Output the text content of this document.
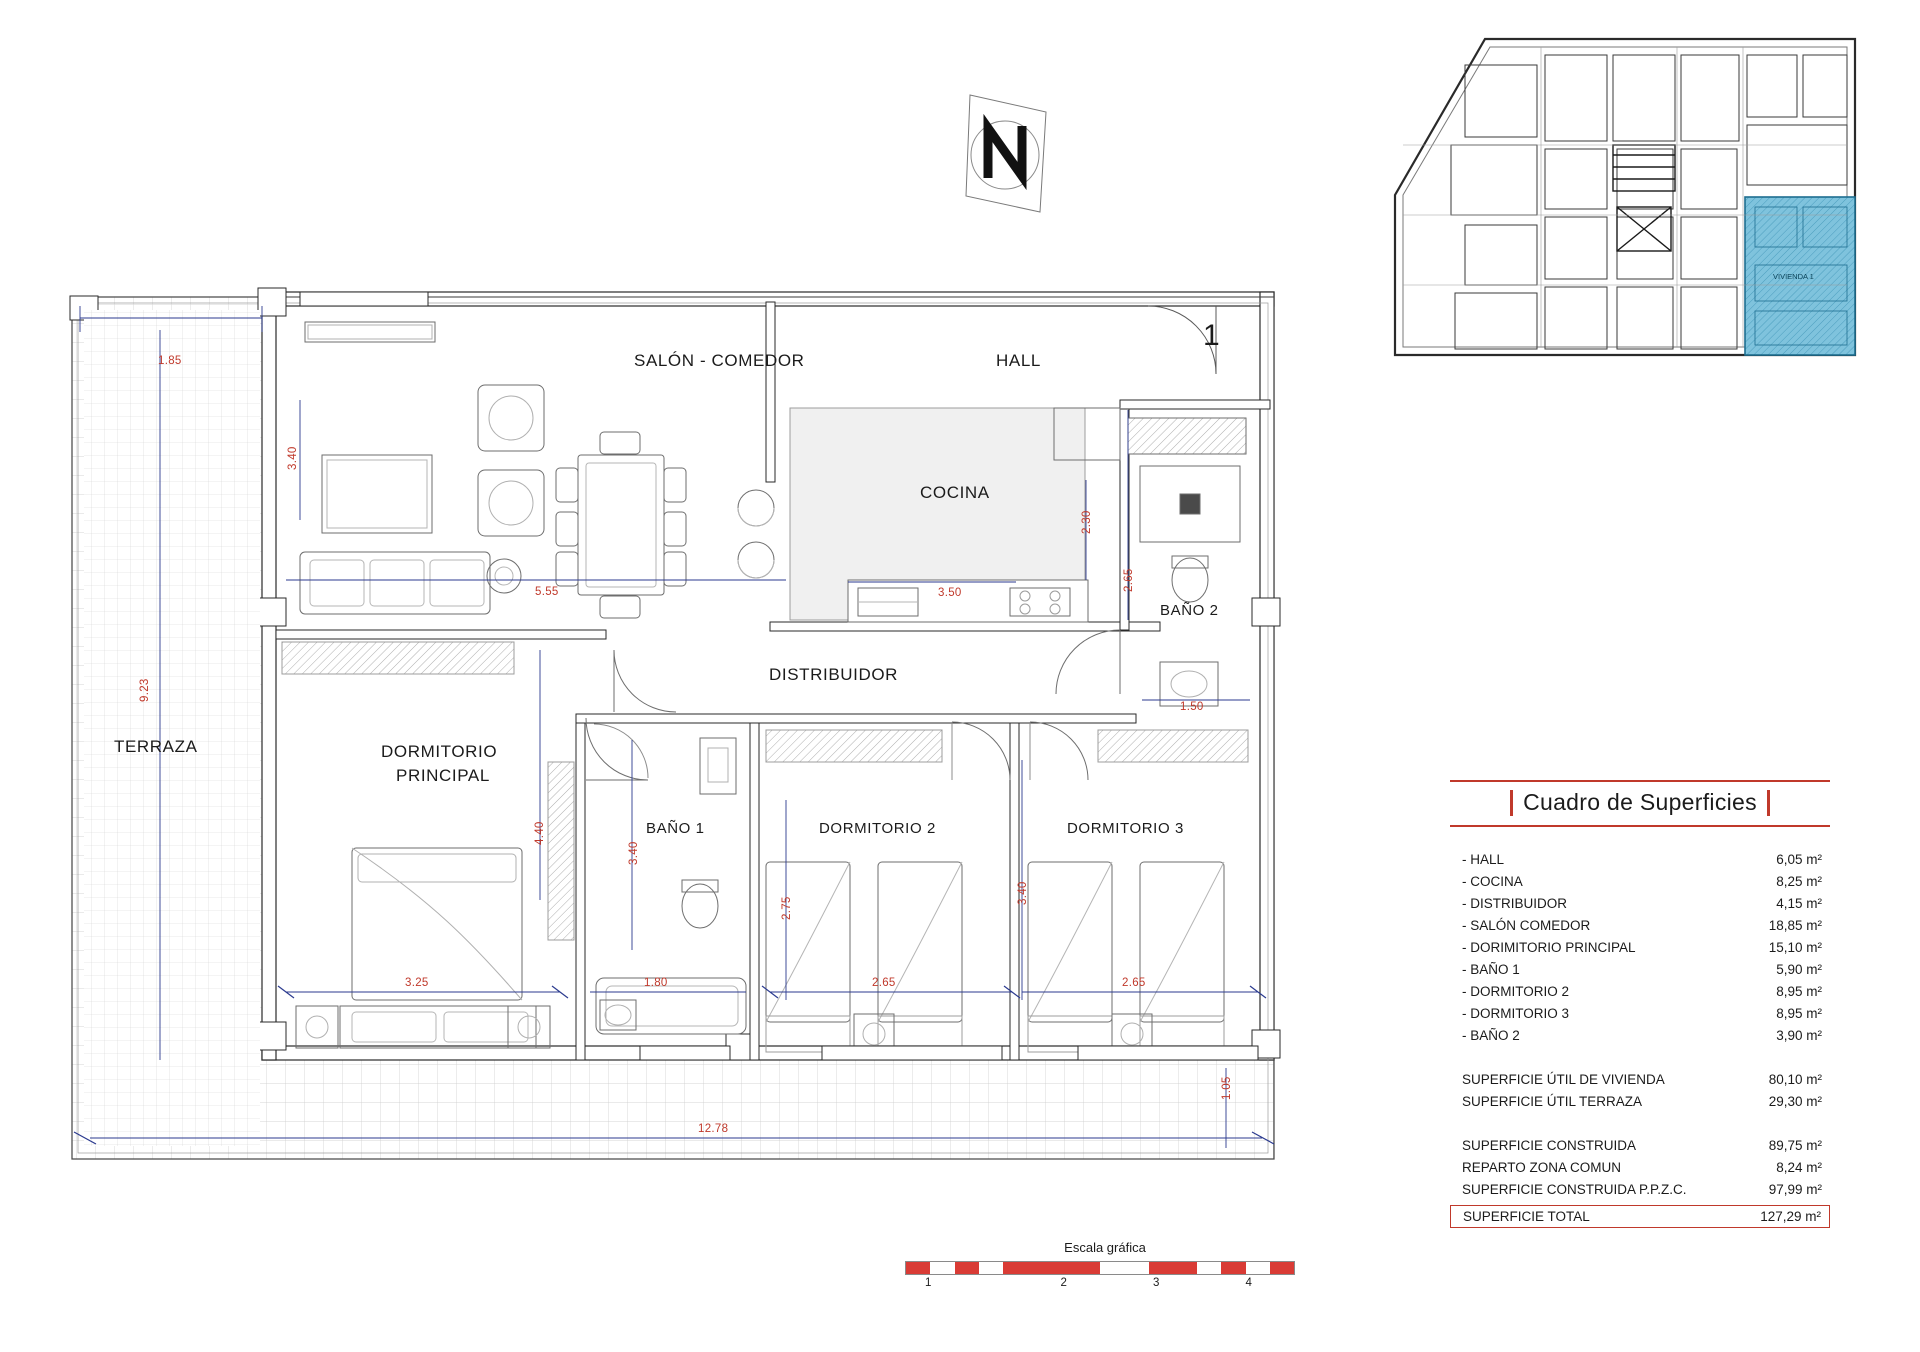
SALÓN - COMEDOR	HALL
COCINA
BAÑO 2
DISTRIBUIDOR
TERRAZA	DORMITORIO
PRINCIPAL
BAÑO 1	DORMITORIO 2	DORMITORIO 3
1.85
3.40
5.55
9.23
4.40
3.40
2.75
3.40
3.25	1.80	2.65	2.65
12.78
1.05
3.50
2.30
2.65
1.50
1
VIVIENDA 1
Cuadro de Superficies
- HALL	6,05 m²
- COCINA	8,25 m²
- DISTRIBUIDOR	4,15 m²
- SALÓN COMEDOR	18,85 m²
- DORIMITORIO PRINCIPAL	15,10 m²
- BAÑO 1	5,90 m²
- DORMITORIO 2	8,95 m²
- DORMITORIO 3	8,95 m²
- BAÑO 2	3,90 m²
SUPERFICIE ÚTIL DE VIVIENDA	80,10 m²
SUPERFICIE ÚTIL TERRAZA	29,30 m²
SUPERFICIE CONSTRUIDA	89,75 m²
REPARTO ZONA COMUN	8,24 m²
SUPERFICIE CONSTRUIDA P.P.Z.C.	97,99 m²
SUPERFICIE TOTAL	127,29 m²
Escala gráfica
1	2	3	4
